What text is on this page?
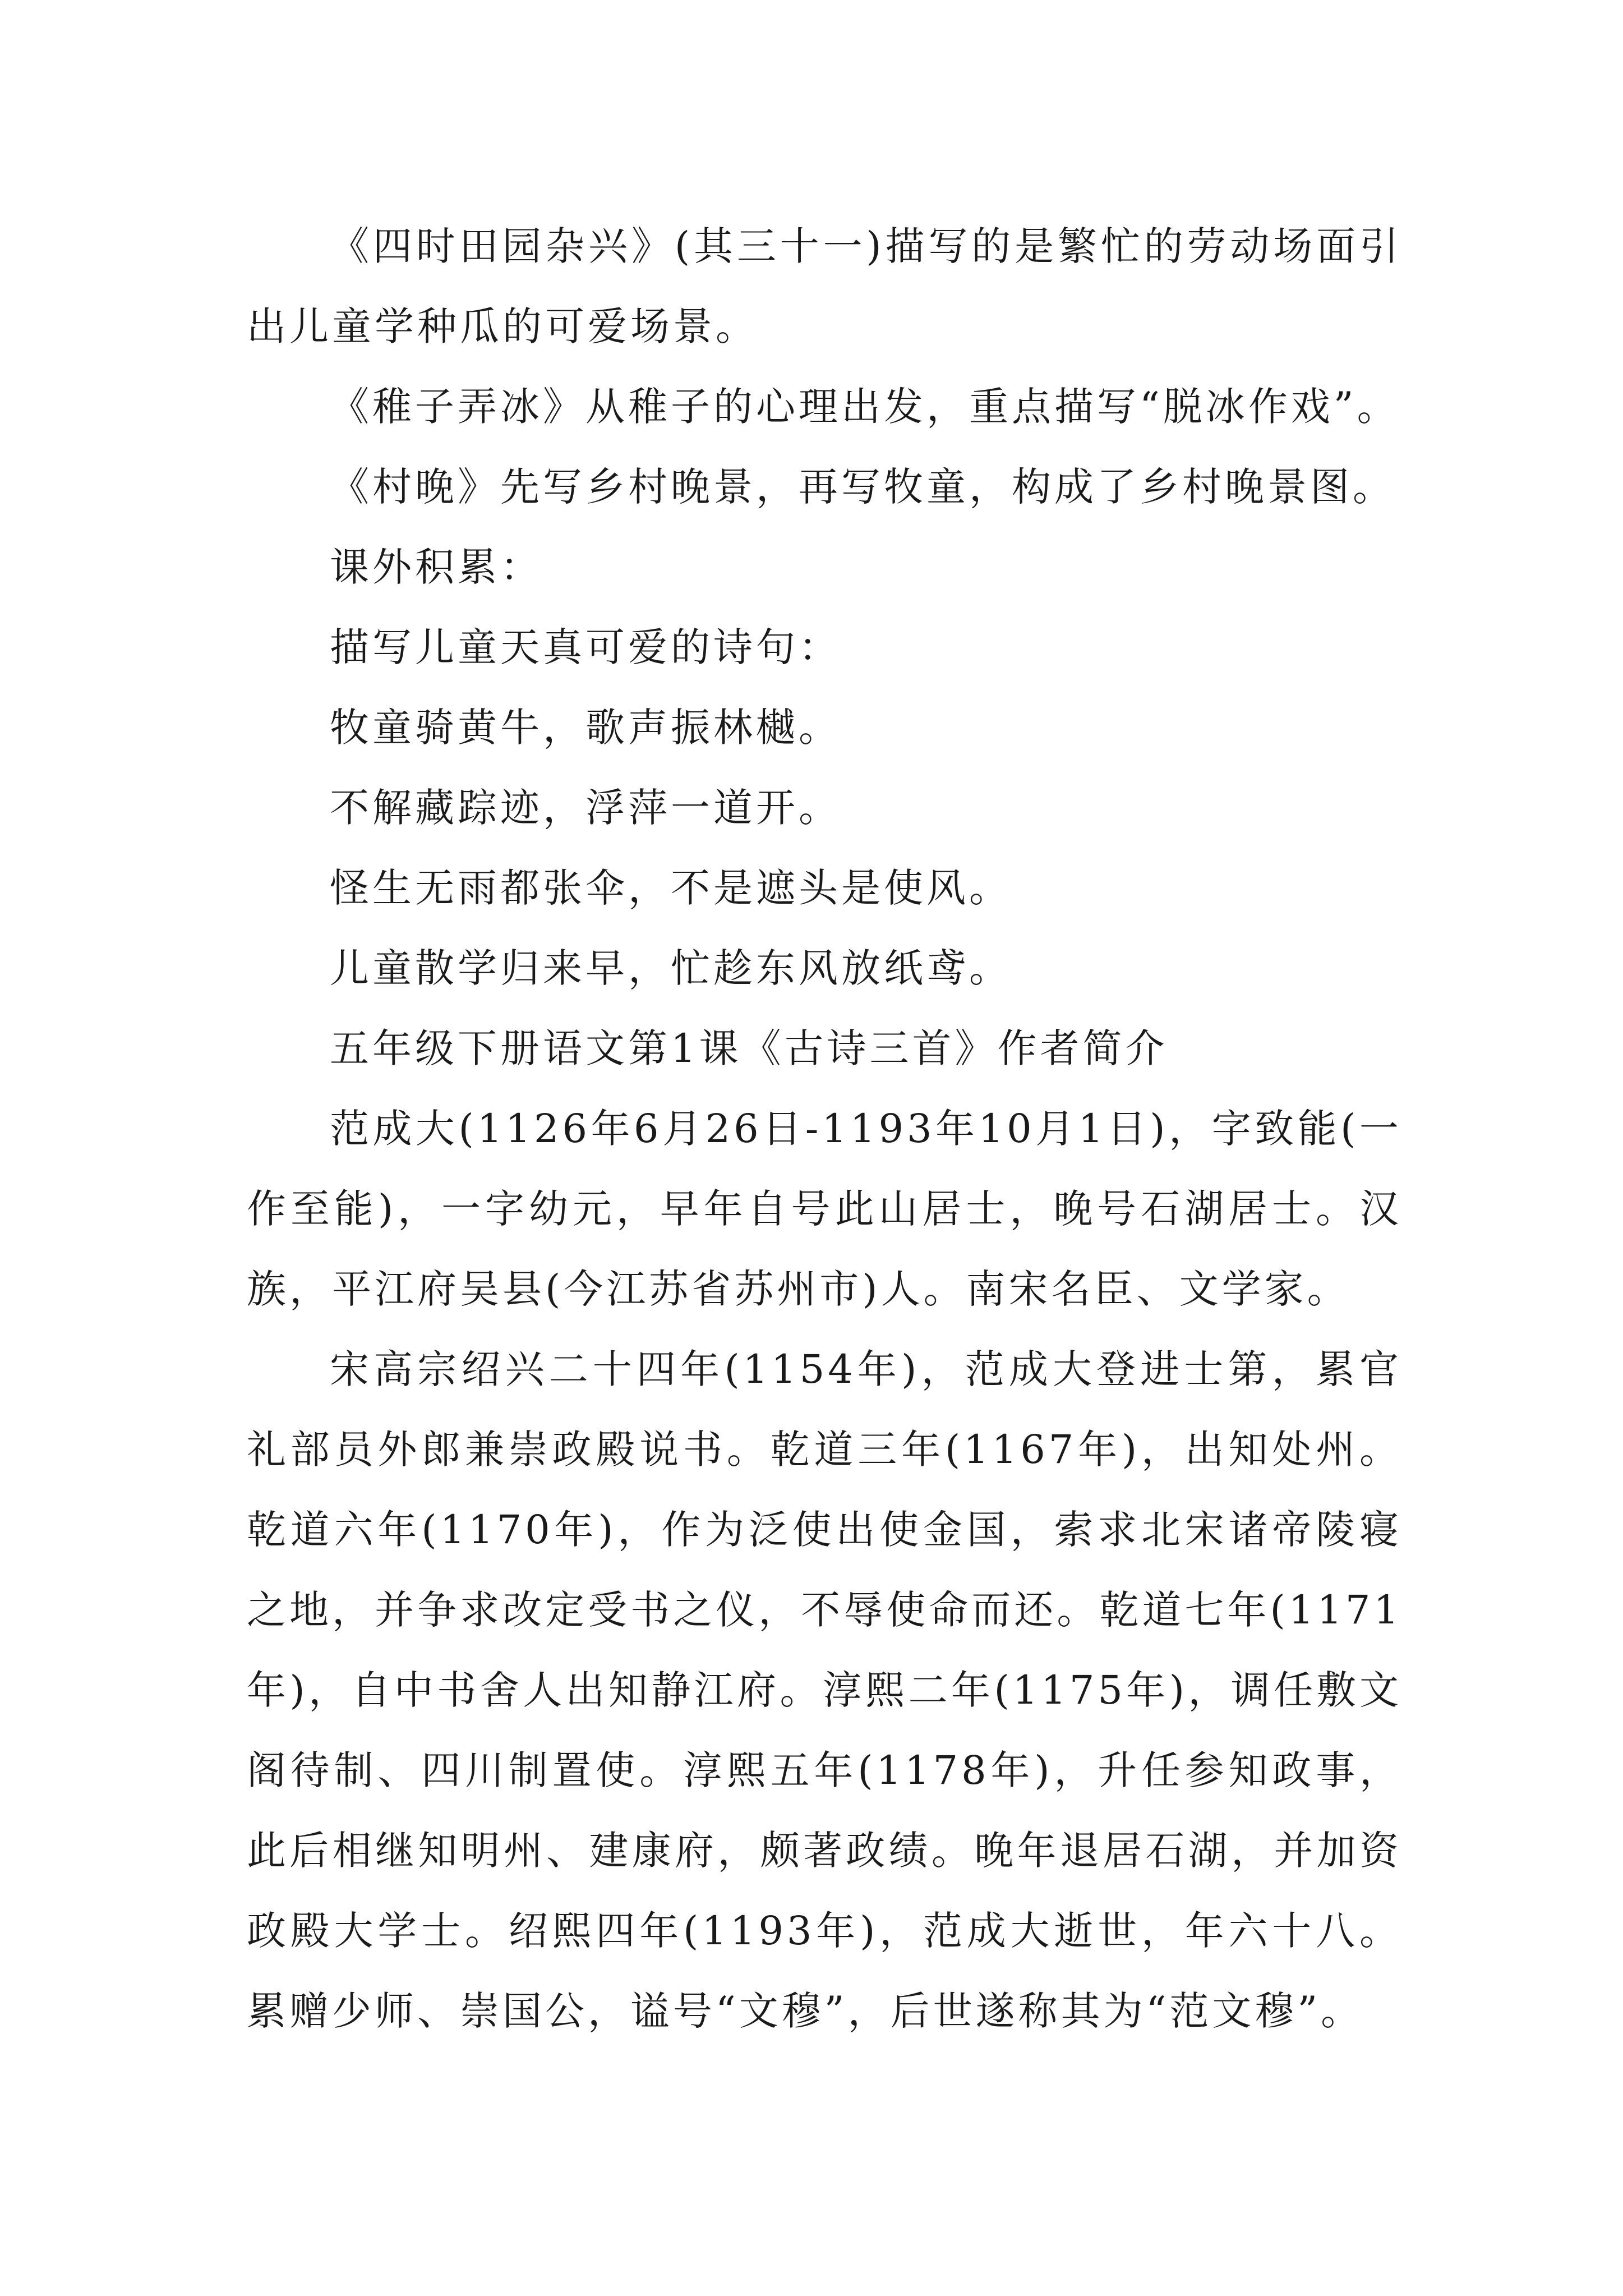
《四时田园杂兴》(其三十一)描写的是繁忙的劳动场面引出儿童学种瓜的可爱场景。

《稚子弄冰》从稚子的心理出发，重点描写“脱冰作戏”。

《村晚》先写乡村晚景，再写牧童，构成了乡村晚景图。

课外积累：

描写儿童天真可爱的诗句：

牧童骑黄牛，歌声振林樾。

不解藏踪迹，浮萍一道开。

怪生无雨都张伞，不是遮头是使风。

儿童散学归来早，忙趁东风放纸鸢。

五年级下册语文第1课《古诗三首》作者简介

范成大(1126年6月26日-1193年10月1日)，字致能(一作至能)，一字幼元，早年自号此山居士，晚号石湖居士。汉族，平江府吴县(今江苏省苏州市)人。南宋名臣、文学家。

宋高宗绍兴二十四年(1154年)，范成大登进士第，累官礼部员外郎兼崇政殿说书。乾道三年(1167年)，出知处州。乾道六年(1170年)，作为泛使出使金国，索求北宋诸帝陵寝之地，并争求改定受书之仪，不辱使命而还。乾道七年(1171年)，自中书舍人出知静江府。淳熙二年(1175年)，调任敷文阁待制、四川制置使。淳熙五年(1178年)，升任参知政事，此后相继知明州、建康府，颇著政绩。晚年退居石湖，并加资政殿大学士。绍熙四年(1193年)，范成大逝世，年六十八。累赠少师、崇国公，谥号“文穆”，后世遂称其为“范文穆”。
